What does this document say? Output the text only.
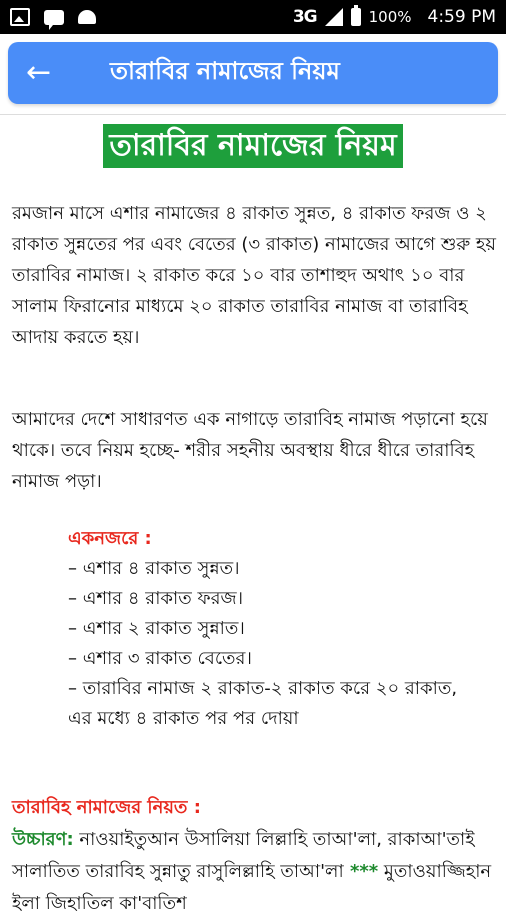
3G	100% 4:59 PM
←	তারাবির নামাজের নিয়ম
তারাবির নামাজের নিয়ম

রমজান মাসে এশার নামাজের ৪ রাকাত সুন্নত, ৪ রাকাত ফরজ ও ২ রাকাত সুন্নতের পর এবং বেতের (৩ রাকাত) নামাজের আগে শুরু হয় তারাবির নামাজ। ২ রাকাত করে ১০ বার তাশাহুদ অথাৎ ১০ বার সালাম ফিরানোর মাধ্যমে ২০ রাকাত তারাবির নামাজ বা তারাবিহ আদায় করতে হয়।

আমাদের দেশে সাধারণত এক নাগাড়ে তারাবিহ নামাজ পড়ানো হয়ে থাকে। তবে নিয়ম হচ্ছে- শরীর সহনীয় অবস্থায় ধীরে ধীরে তারাবিহ নামাজ পড়া।

একনজরে :
– এশার ৪ রাকাত সুন্নত।
– এশার ৪ রাকাত ফরজ।
– এশার ২ রাকাত সুন্নাত।
– এশার ৩ রাকাত বেতের।
– তারাবির নামাজ ২ রাকাত-২ রাকাত করে ২০ রাকাত, এর মধ্যে ৪ রাকাত পর পর দোয়া
তারাবিহ নামাজের নিয়ত :
উচ্চারণ: নাওয়াইতুআন উসালিয়া লিল্লাহি তাআ'লা, রাকাআ'তাই সালাতিত তারাবিহ সুন্নাতু রাসুলিল্লাহি তাআ'লা *** মুতাওয়াজ্জিহান ইলা জিহাতিল কা'বাতিশ
